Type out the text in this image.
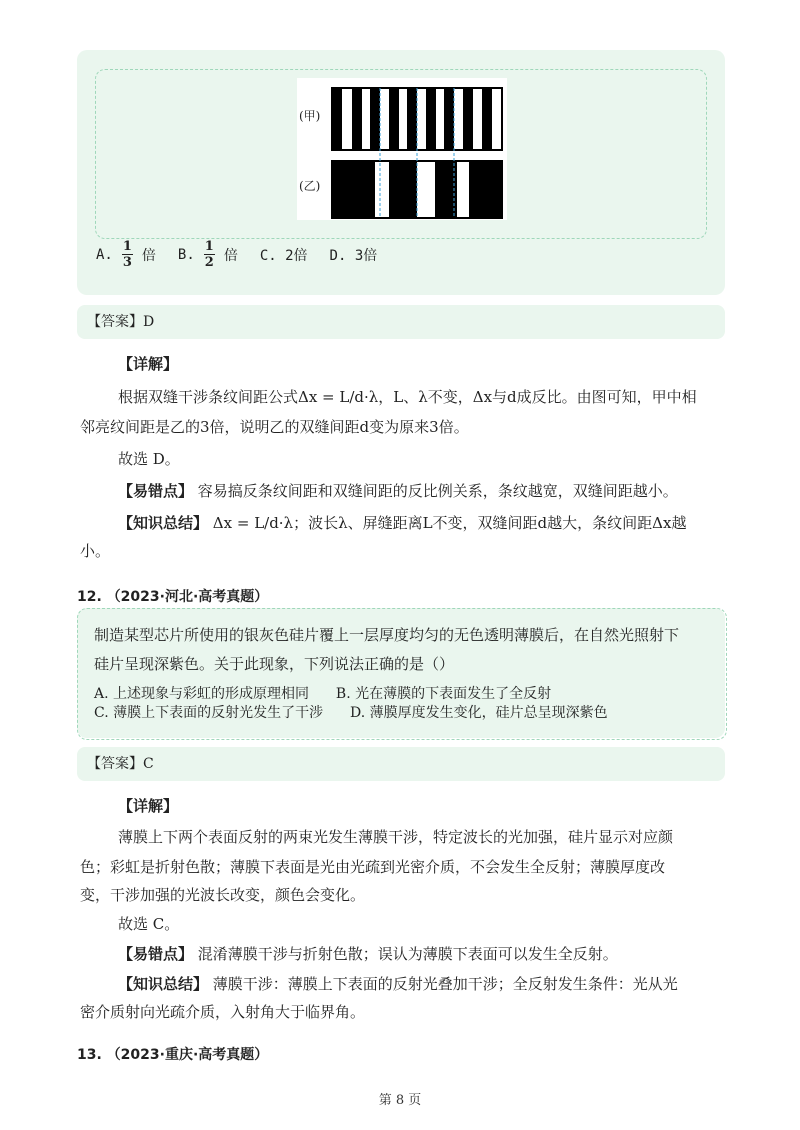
(甲)
(乙)
A. $\frac{1}{3}$ 倍 B. $\frac{1}{2}$ 倍 C. 2倍 D. 3倍
【答案】D
【详解】
根据双缝干涉条纹间距公式Δx = L/d·λ，L、λ不变，Δx与d成反比。由图可知，甲中相
邻亮纹间距是乙的3倍，说明乙的双缝间距d变为原来3倍。
故选 D。
【易错点】 容易搞反条纹间距和双缝间距的反比例关系，条纹越宽，双缝间距越小。
【知识总结】 Δx = L/d·λ；波长λ、屏缝距离L不变，双缝间距d越大，条纹间距Δx越
小。
12. （2023·河北·高考真题）
制造某型芯片所使用的银灰色硅片覆上一层厚度均匀的无色透明薄膜后，在自然光照射下
硅片呈现深紫色。关于此现象，下列说法正确的是（）
A. 上述现象与彩虹的形成原理相同 B. 光在薄膜的下表面发生了全反射
C. 薄膜上下表面的反射光发生了干涉 D. 薄膜厚度发生变化，硅片总呈现深紫色
【答案】C
【详解】
薄膜上下两个表面反射的两束光发生薄膜干涉，特定波长的光加强，硅片显示对应颜
色；彩虹是折射色散；薄膜下表面是光由光疏到光密介质，不会发生全反射；薄膜厚度改
变，干涉加强的光波长改变，颜色会变化。
故选 C。
【易错点】 混淆薄膜干涉与折射色散；误认为薄膜下表面可以发生全反射。
【知识总结】 薄膜干涉：薄膜上下表面的反射光叠加干涉；全反射发生条件：光从光
密介质射向光疏介质，入射角大于临界角。
13. （2023·重庆·高考真题）
第 8 页
